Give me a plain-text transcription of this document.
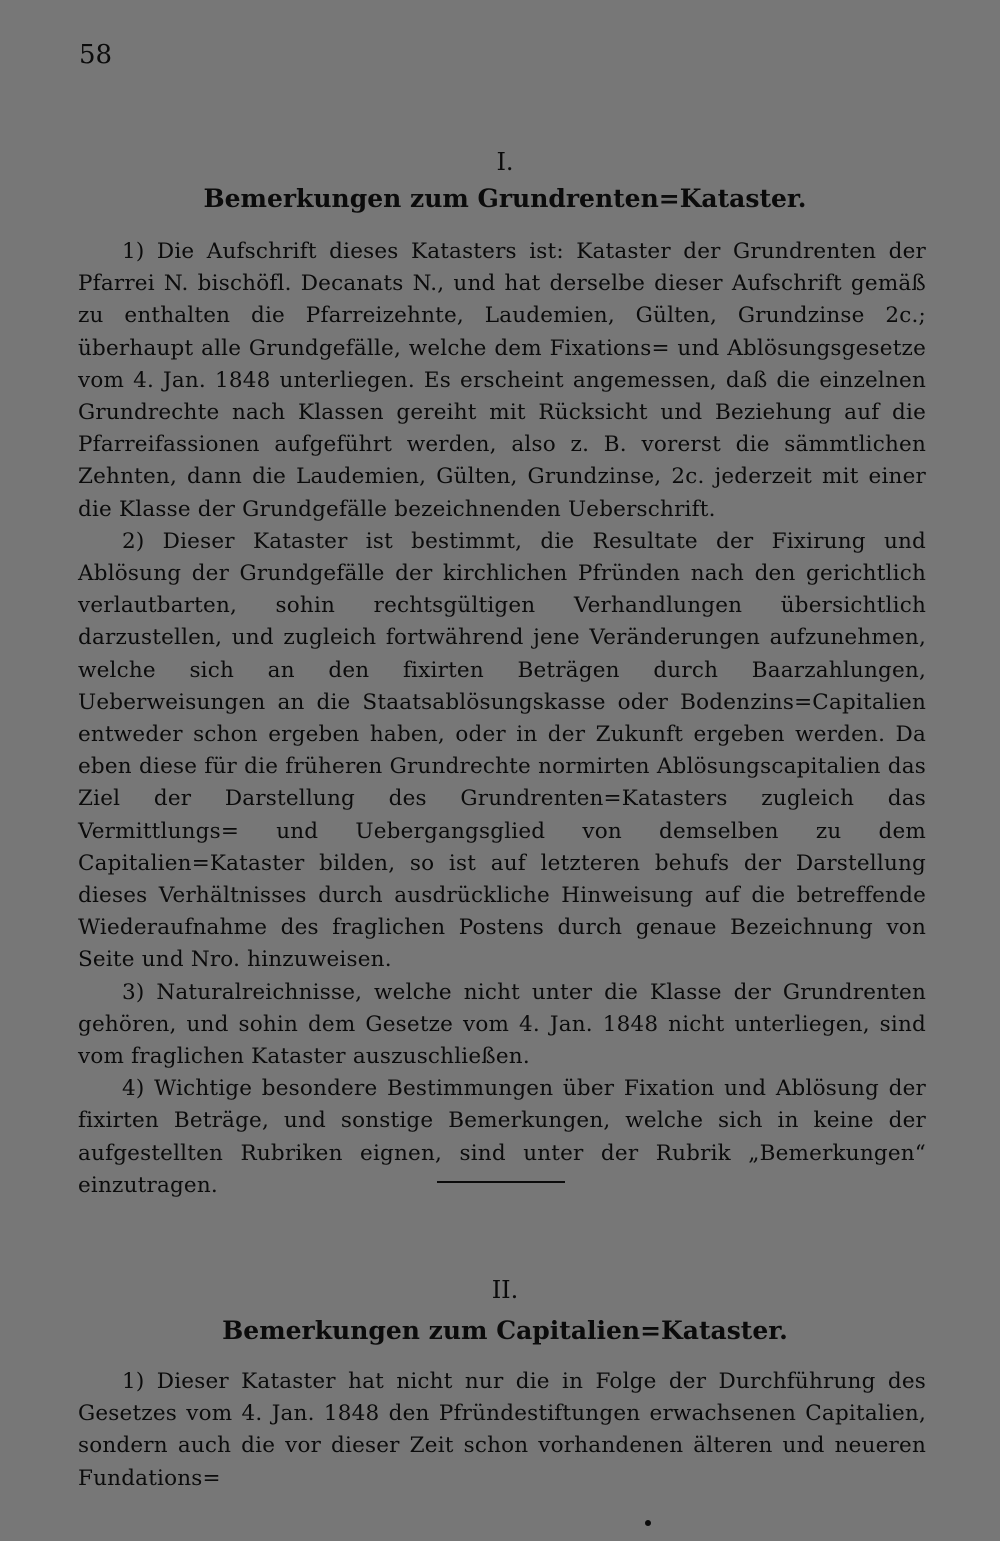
58
I.
Bemerkungen zum Grundrenten=Kataster.

1) Die Aufschrift dieses Katasters ist: Kataster der Grundrenten der Pfarrei N. bischöfl. Decanats N., und hat derselbe dieser Aufschrift gemäß zu enthalten die Pfarreizehnte, Laudemien, Gülten, Grundzinse 2c.; überhaupt alle Grundgefälle, welche dem Fixations= und Ablösungsgesetze vom 4. Jan. 1848 unterliegen. Es erscheint angemessen, daß die einzelnen Grundrechte nach Klassen gereiht mit Rücksicht und Beziehung auf die Pfarreifassionen aufgeführt werden, also z. B. vorerst die sämmtlichen Zehnten, dann die Laudemien, Gülten, Grundzinse, 2c. jederzeit mit einer die Klasse der Grundgefälle bezeichnenden Ueberschrift.

2) Dieser Kataster ist bestimmt, die Resultate der Fixirung und Ablösung der Grundgefälle der kirchlichen Pfründen nach den gerichtlich verlautbarten, sohin rechtsgültigen Verhandlungen übersichtlich darzustellen, und zugleich fortwährend jene Veränderungen aufzunehmen, welche sich an den fixirten Beträgen durch Baarzahlungen, Ueberweisungen an die Staatsablösungskasse oder Bodenzins=Capitalien entweder schon ergeben haben, oder in der Zukunft ergeben werden. Da eben diese für die früheren Grundrechte normirten Ablösungscapitalien das Ziel der Darstellung des Grundrenten=Katasters zugleich das Vermittlungs= und Uebergangsglied von demselben zu dem Capitalien=Kataster bilden, so ist auf letzteren behufs der Darstellung dieses Verhältnisses durch ausdrückliche Hinweisung auf die betreffende Wiederaufnahme des fraglichen Postens durch genaue Bezeichnung von Seite und Nro. hinzuweisen.

3) Naturalreichnisse, welche nicht unter die Klasse der Grundrenten gehören, und sohin dem Gesetze vom 4. Jan. 1848 nicht unterliegen, sind vom fraglichen Kataster auszuschließen.

4) Wichtige besondere Bestimmungen über Fixation und Ablösung der fixirten Beträge, und sonstige Bemerkungen, welche sich in keine der aufgestellten Rubriken eignen, sind unter der Rubrik „Bemerkungen“ einzutragen.

II.
Bemerkungen zum Capitalien=Kataster.

1) Dieser Kataster hat nicht nur die in Folge der Durchführung des Gesetzes vom 4. Jan. 1848 den Pfründestiftungen erwachsenen Capitalien, sondern auch die vor dieser Zeit schon vorhandenen älteren und neueren Fundations=
